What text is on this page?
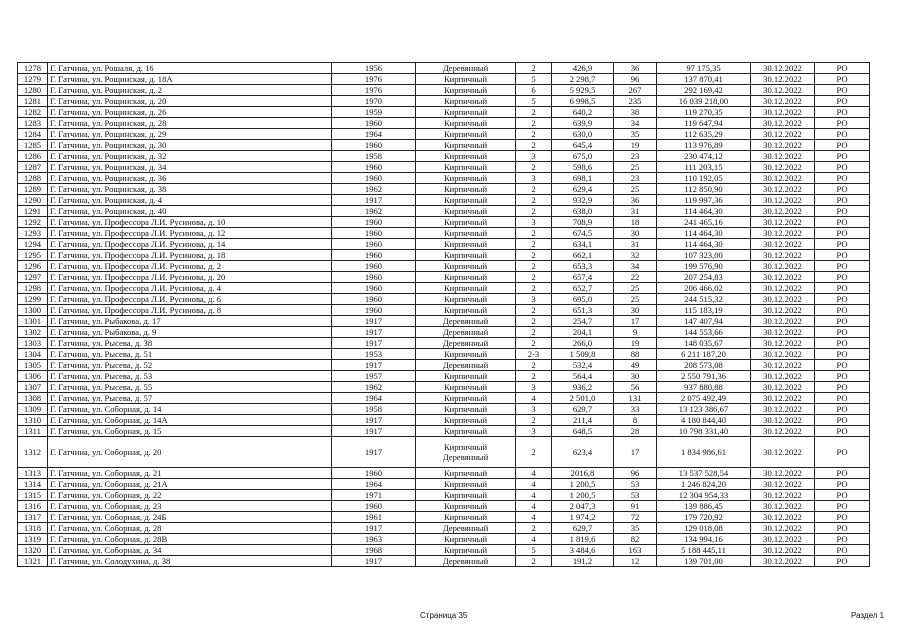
1278	Г. Гатчина, ул. Рошаля, д. 16	1956	Деревянный	2	426,9	36	97 175,35	30.12.2022	РО
1279	Г. Гатчина, ул. Рощинская, д. 18А	1976	Кирпичный	5	2 298,7	96	137 870,41	30.12.2022	РО
1280	Г. Гатчина, ул. Рощинская, д. 2	1976	Кирпичный	6	5 929,5	267	292 169,42	30.12.2022	РО
1281	Г. Гатчина, ул. Рощинская, д. 20	1970	Кирпичный	5	6 998,5	235	16 039 218,00	30.12.2022	РО
1282	Г. Гатчина, ул. Рощинская, д. 26	1959	Кирпичный	2	640,2	38	119 270,35	30.12.2022	РО
1283	Г. Гатчина, ул. Рощинская, д. 28	1960	Кирпичный	2	639,9	34	119 647,94	30.12.2022	РО
1284	Г. Гатчина, ул. Рощинская, д. 29	1964	Кирпичный	2	630,0	35	112 635,29	30.12.2022	РО
1285	Г. Гатчина, ул. Рощинская, д. 30	1960	Кирпичный	2	645,4	19	113 976,89	30.12.2022	РО
1286	Г. Гатчина, ул. Рощинская, д. 32	1958	Кирпичный	3	675,0	23	230 474,12	30.12.2022	РО
1287	Г. Гатчина, ул. Рощинская, д. 34	1960	Кирпичный	2	598,6	25	111 203,15	30.12.2022	РО
1288	Г. Гатчина, ул. Рощинская, д. 36	1960	Кирпичный	3	698,1	23	110 192,05	30.12.2022	РО
1289	Г. Гатчина, ул. Рощинская, д. 38	1962	Кирпичный	2	629,4	25	112 850,90	30.12.2022	РО
1290	Г. Гатчина, ул. Рощинская, д. 4	1917	Кирпичный	2	932,9	36	119 997,36	30.12.2022	РО
1291	Г. Гатчина, ул. Рощинская, д. 40	1962	Кирпичный	2	638,0	31	114 464,30	30.12.2022	РО
1292	Г. Гатчина, ул. Профессора Л.И. Русинова, д. 10	1960	Кирпичный	3	708,9	18	241 465,16	30.12.2022	РО
1293	Г. Гатчина, ул. Профессора Л.И. Русинова, д. 12	1960	Кирпичный	2	674,5	30	114 464,30	30.12.2022	РО
1294	Г. Гатчина, ул. Профессора Л.И. Русинова, д. 14	1960	Кирпичный	2	634,1	31	114 464,30	30.12.2022	РО
1295	Г. Гатчина, ул. Профессора Л.И. Русинова, д. 18	1960	Кирпичный	2	662,1	32	107 323,00	30.12.2022	РО
1296	Г. Гатчина, ул. Профессора Л.И. Русинова, д. 2	1960	Кирпичный	2	653,3	34	199 576,90	30.12.2022	РО
1297	Г. Гатчина, ул. Профессора Л.И. Русинова, д. 20	1960	Кирпичный	2	657,4	22	207 254,83	30.12.2022	РО
1298	Г. Гатчина, ул. Профессора Л.И. Русинова, д. 4	1960	Кирпичный	2	652,7	25	206 466,02	30.12.2022	РО
1299	Г. Гатчина, ул. Профессора Л.И. Русинова, д. 6	1960	Кирпичный	3	695,0	25	244 515,32	30.12.2022	РО
1300	Г. Гатчина, ул. Профессора Л.И. Русинова, д. 8	1960	Кирпичный	2	651,3	30	115 183,19	30.12.2022	РО
1301	Г. Гатчина, ул. Рыбакова, д. 17	1917	Деревянный	2	254,7	17	147 407,94	30.12.2022	РО
1302	Г. Гатчина, ул. Рыбакова, д. 9	1917	Деревянный	2	204,1	9	144 553,66	30.12.2022	РО
1303	Г. Гатчина, ул. Рысева, д. 38	1917	Деревянный	2	266,0	19	148 035,67	30.12.2022	РО
1304	Г. Гатчина, ул. Рысева, д. 51	1953	Кирпичный	2-3	1 509,8	88	6 211 187,20	30.12.2022	РО
1305	Г. Гатчина, ул. Рысева, д. 52	1917	Деревянный	2	532,4	49	208 573,08	30.12.2022	РО
1306	Г. Гатчина, ул. Рысева, д. 53	1957	Кирпичный	2	564,4	30	2 550 791,36	30.12.2022	РО
1307	Г. Гатчина, ул. Рысева, д. 55	1962	Кирпичный	3	936,2	56	937 880,88	30.12.2022	РО
1308	Г. Гатчина, ул. Рысева, д. 57	1964	Кирпичный	4	2 501,0	131	2 075 492,49	30.12.2022	РО
1309	Г. Гатчина, ул. Соборная, д. 14	1958	Кирпичный	3	629,7	33	13 123 386,67	30.12.2022	РО
1310	Г. Гатчина, ул. Соборная, д. 14А	1917	Кирпичный	2	211,4	8	4 180 844,40	30.12.2022	РО
1311	Г. Гатчина, ул. Соборная, д. 15	1917	Кирпичный	3	648,5	28	10 798 331,40	30.12.2022	РО
1312	Г. Гатчина, ул. Соборная, д. 20	1917	Кирпичный
Деревянный	2	623,4	17	1 834 986,61	30.12.2022	РО
1313	Г. Гатчина, ул. Соборная, д. 21	1960	Кирпичный	4	2016,8	96	13 537 528,54	30.12.2022	РО
1314	Г. Гатчина, ул. Соборная, д. 21А	1964	Кирпичный	4	1 200,5	53	1 246 824,20	30.12.2022	РО
1315	Г. Гатчина, ул. Соборная, д. 22	1971	Кирпичный	4	1 200,5	53	12 304 954,33	30.12.2022	РО
1316	Г. Гатчина, ул. Соборная, д. 23	1960	Кирпичный	4	2 047,3	91	139 886,45	30.12.2022	РО
1317	Г. Гатчина, ул. Соборная, д. 24Б	1961	Кирпичный	4	1 974,2	72	179 720,92	30.12.2022	РО
1318	Г. Гатчина, ул. Соборная, д. 28	1917	Деревянный	2	629,7	35	129 018,08	30.12.2022	РО
1319	Г. Гатчина, ул. Соборная, д. 28В	1963	Кирпичный	4	1 819,6	82	134 994,16	30.12.2022	РО
1320	Г. Гатчина, ул. Соборная, д. 34	1968	Кирпичный	5	3 484,6	163	5 188 445,11	30.12.2022	РО
1321	Г. Гатчина, ул. Солодухина, д. 38	1917	Деревянный	2	191,2	12	139 701,00	30.12.2022	РО
Страница 35	Раздел 1
